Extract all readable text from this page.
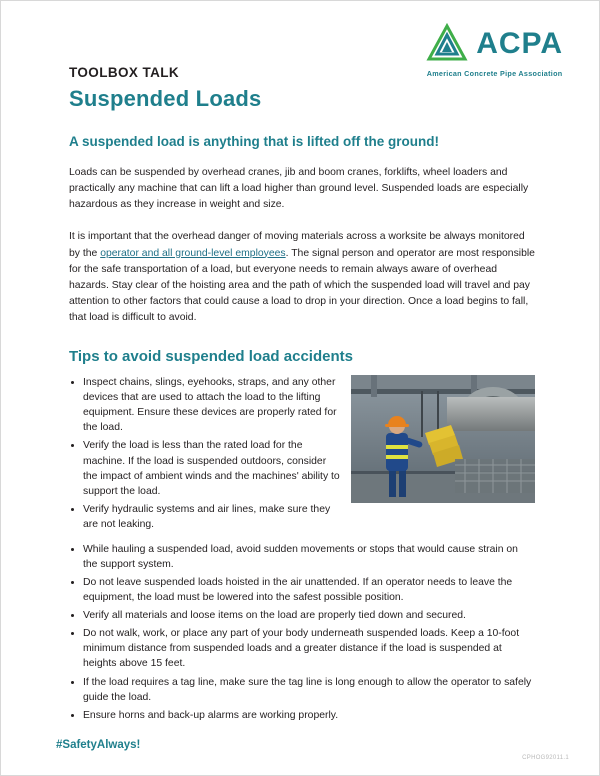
ACPA
American Concrete Pipe Association
TOOLBOX TALK
Suspended Loads
A suspended load is anything that is lifted off the ground!

Loads can be suspended by overhead cranes, jib and boom cranes, forklifts, wheel loaders and practically any machine that can lift a load higher than ground level. Suspended loads are especially hazardous as they increase in weight and size.

It is important that the overhead danger of moving materials across a worksite be always monitored by the operator and all ground-level employees. The signal person and operator are most responsible for the safe transportation of a load, but everyone needs to remain always aware of overhead hazards. Stay clear of the hoisting area and the path of which the suspended load will travel and pay attention to other factors that could cause a load to drop in your direction. Once a load begins to fall, that load is difficult to avoid.

Tips to avoid suspended load accidents
Inspect chains, slings, eyehooks, straps, and any other devices that are used to attach the load to the lifting equipment. Ensure these devices are properly rated for the load.
Verify the load is less than the rated load for the machine. If the load is suspended outdoors, consider the impact of ambient winds and the machines' ability to support the load.
Verify hydraulic systems and air lines, make sure they are not leaking.
While hauling a suspended load, avoid sudden movements or stops that would cause strain on the support system.
Do not leave suspended loads hoisted in the air unattended. If an operator needs to leave the equipment, the load must be lowered into the safest possible position.
Verify all materials and loose items on the load are properly tied down and secured.
Do not walk, work, or place any part of your body underneath suspended loads. Keep a 10-foot minimum distance from suspended loads and a greater distance if the load is suspended at heights above 15 feet.
If the load requires a tag line, make sure the tag line is long enough to allow the operator to safely guide the load.
Ensure horns and back-up alarms are working properly.
#SafetyAlways!
CPHOG92011.1
